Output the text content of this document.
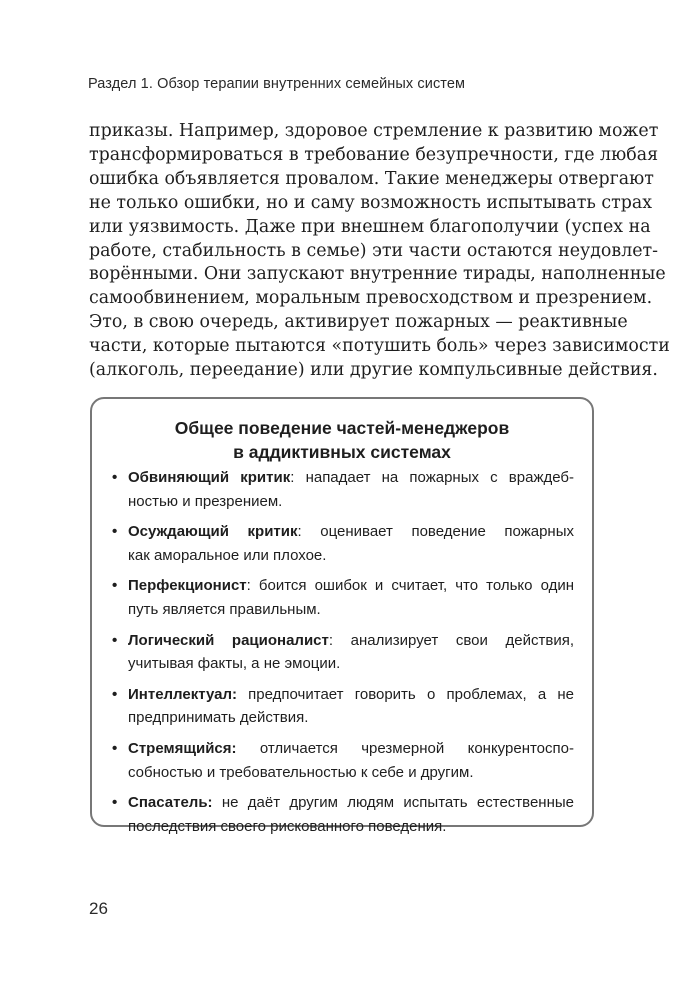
Раздел 1. Обзор терапии внутренних семейных систем
приказы. Например, здоровое стремление к развитию может
трансформироваться в требование безупречности, где любая
ошибка объявляется провалом. Такие менеджеры отвергают
не только ошибки, но и саму возможность испытывать страх
или уязвимость. Даже при внешнем благополучии (успех на
работе, стабильность в семье) эти части остаются неудовлет-
ворёнными. Они запускают внутренние тирады, наполненные
самообвинением, моральным превосходством и презрением.
Это, в свою очередь, активирует пожарных — реактивные
части, которые пытаются «потушить боль» через зависимости
(алкоголь, переедание) или другие компульсивные действия.
Общее поведение частей-менеджеров
в аддиктивных системах
• Обвиняющий критик: нападает на пожарных с враждеб-
ностью и презрением.
• Осуждающий критик: оценивает поведение пожарных
как аморальное или плохое.
• Перфекционист: боится ошибок и считает, что только один
путь является правильным.
• Логический рационалист: анализирует свои действия,
учитывая факты, а не эмоции.
• Интеллектуал: предпочитает говорить о проблемах, а не
предпринимать действия.
• Стремящийся: отличается чрезмерной конкурентоспо-
собностью и требовательностью к себе и другим.
• Спасатель: не даёт другим людям испытать естественные
последствия своего рискованного поведения.
26
